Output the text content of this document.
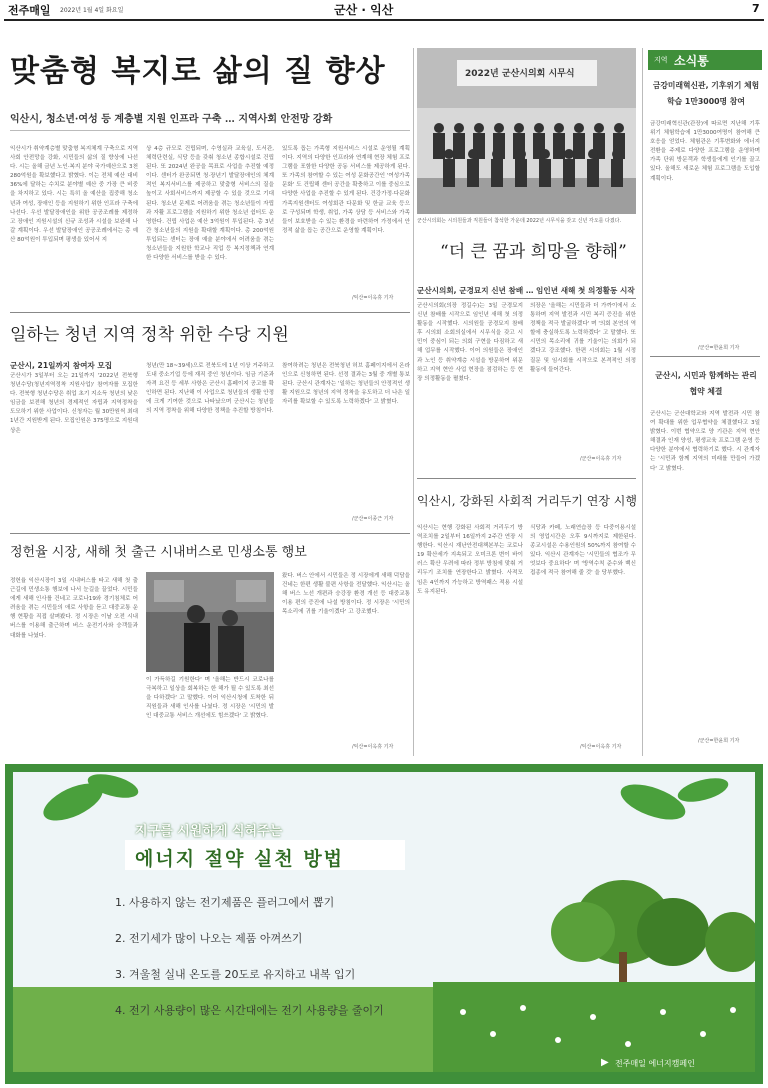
전주매일 2022년 1월 4일 화요일	군산 · 익산	7
맞춤형 복지로 삶의 질 향상
익산시, 청소년·여성 등 계층별 지원 인프라 구축 … 지역사회 안전망 강화
익산시가 취약계층별 맞춤형 복지체계 구축으로 지역사회 안전망을 강화, 시민들의 삶의 질 향상에 나선다. 시는 올해 금년 노인·복지 분야 국가예산으로 3천280억원을 확보했다고 밝혔다. 이는 전체 예산 대비 36%에 달하는 수치로 분야별 예산 중 가장 큰 비중을 차지하고 있다. 시는 특히 올 예산을 집중해 청소년과 여성, 장애인 등을 지원하기 위한 인프라 구축에 나선다. 우선 발달장애인을 위한 공공조례를 제정하고 장애인 지원시설의 신규 조성과 시설을 보완해 나갈 계획이다. 우선 발달장애인 공공조례에서는 총 예산 80억원이 투입되며 평생을 있어서 지
상 4층 규모로 건립되며, 수영실과 교육실, 도서관, 체력단련실, 식당 등을 갖춰 청소년 종합시설로 건립된다. 또 2024년 완공을 목표로 사업을 추진할 예정이다. 센터가 완공되면 청·장년기 발달장애인의 체계적인 복지서비스를 제공하고 맞춤형 서비스의 질을 높이고 사회서비스까지 제공할 수 있을 것으로 기대된다. 청소년 문제로 어려움을 겪는 청소년들이 자립과 자활 프로그램을 지원하기 위한 청소년 쉼터도 운영한다. 건립 사업은 예산 3억원이 투입된다. 총 3년간 청소년들의 지원을 확대할 계획이다. 총 200억원 투입되는 센터는 장애 예술 분야에서 어려움을 겪는 청소년들을 지원한 학교나 직업 등 복지정책과 연계한 다양한 서비스를 받을 수 있다.
있도록 돕는 가족형 지원서비스 시설로 운영될 계획이다. 지역의 다양한 인프라와 연계해 현장 체험 프로그램을 포함한 다양한 공동 서비스를 제공하게 된다. 또 가족의 참여할 수 있는 여성 문화공간인 '여성가족문화' 도 건립해 센터 공간을 확충하고 이를 중심으로 다양한 사업을 추진할 수 있게 된다. 건강가정·다문화가족지원센터도 여성회관 다문화 및 한글 교육 등으로 구성되며 학생, 취업, 가족 상담 등 서비스와 가족들이 보호받을 수 있는 환경을 마련하여 가정에서 안정적 삶을 돕는 공간으로 운영할 계획이다.
/익산=이옥휴 기자
2022년 군산시의회 시무식
군산시의회는 시의원들과 직원들이 참석한 가운데 2022년 시무식을 갖고 신년 각오를 다졌다.
“더 큰 꿈과 희망을 향해”
군산시의회, 군경묘지 신년 참배 … 임인년 새해 첫 의정활동 시작
군산시의회(의장 정길수)는 3일 군경묘지 신년 참배를 시작으로 임인년 새해 첫 의정활동을 시작했다. 시의원들 공경묘지 참배 후 시의회 소회의실에서 시무식을 갖고 시민이 중심이 되는 의회 구현을 다짐하고 새해 업무를 시작했다. 이어 의원들은 장애인과 노인 등 취약계층 시설을 방문하여 위문하고 지역 현안 사업 현장을 점검하는 등 현장 의정활동을 펼쳤다.
의장은 '올해는 시민들과 더 가까이에서 소통하며 지역 발전과 시민 복리 증진을 위한 정책을 적극 발굴하겠다' 며 '의회 본연의 역할에 충실하도록 노력하겠다' 고 말했다. 또 시민의 목소리에 귀를 기울이는 의회가 되겠다고 강조했다. 한편 시의회는 1월 시정질문 및 임시회를 시작으로 본격적인 의정활동에 들어간다.
/군산=이옥휴 기자
일하는 청년 지역 정착 위한 수당 지원
군산시, 21일까지 참여자 모집
군산시가 3일부터 오는 21일까지 '2022년 전북형 청년수당(청년지역정착 지원사업)' 참여자를 모집한다. 전북형 청년수당은 취업 초기 지소득 청년의 낮은 임금을 보전해 청년의 경제적인 자립과 지역정착을 도모하기 위한 사업이다. 신청자는 월 30만원씩 최대 1년간 지원받게 된다. 모집인원은 375명으로 지원대상은
청년(만 18~39세)으로 전북도에 1년 이상 거주하고 도내 중소기업 등에 재직 중인 청년이다. 임금 기준과 자격 요건 등 세부 사항은 군산시 홈페이지 공고를 확인하면 된다. 지난해 이 사업으로 청년들의 생활 안정에 크게 기여한 것으로 나타났으며 군산시는 청년들의 지역 정착을 위해 다양한 정책을 추진할 방침이다.
참여하려는 청년은 전북청년 허브 홈페이지에서 온라인으로 신청하면 된다. 선정 결과는 3월 중 개별 통보된다. 군산시 관계자는 '일하는 청년들의 안정적인 생활 지원으로 청년의 지역 정착을 유도하고 더 나은 일자리를 확보할 수 있도록 노력하겠다' 고 밝혔다.
/군산=이종근 기자
정헌율 시장, 새해 첫 출근 시내버스로 민생소통 행보
정헌율 익산시장이 3일 시내버스를 타고 새해 첫 출근길에 민생소통 행보에 나서 눈길을 끌었다. 시민들에게 새해 인사를 건네고 코로나19와 경기침체로 어려움을 겪는 시민들의 애로 사항을 듣고 대중교통 운행 현황을 직접 살펴봤다. 정 시장은 이날 오전 시내버스를 이용해 출근하며 버스 운전기사와 승객들과 대화를 나눴다.
이 가득하길 기원한다' 며 '올해는 반드시 코로나를 극복하고 일상을 회복하는 한 해가 될 수 있도록 최선을 다하겠다' 고 말했다. 이어 익산시청에 도착한 뒤 직원들과 새해 인사를 나눴다. 정 시장은 '시민의 발인 대중교통 서비스 개선에도 힘쓰겠다' 고 밝혔다.
왔다. 버스 안에서 시민들은 정 시장에게 새해 덕담을 건네는 한편 생활 불편 사항을 전달했다. 익산시는 올해 버스 노선 개편과 승강장 환경 개선 등 대중교통 이용 편의 증진에 나설 방침이다. 정 시장은 '시민의 목소리에 귀를 기울이겠다' 고 강조했다.
/익산=이옥휴 기자
익산시, 강화된 사회적 거리두기 연장 시행
익산시는 현행 강화된 사회적 거리두기 방역조치를 2일부터 16일까지 2주간 연장 시행한다. 익산시 재난안전대책본부는 코로나19 확산세가 지속되고 오미크론 변이 바이러스 확산 우려에 따라 정부 방침에 맞춰 거리두기 조치를 연장한다고 밝혔다. 사적모임은 4인까지 가능하고 방역패스 적용 시설도 유지된다.
식당과 카페, 노래연습장 등 다중이용시설의 영업시간은 오후 9시까지로 제한된다. 종교시설은 수용인원의 50%까지 참여할 수 있다. 익산시 관계자는 '시민들의 협조가 무엇보다 중요하다' 며 '방역수칙 준수와 백신 접종에 적극 참여해 줄 것' 을 당부했다.
/익산=이옥휴 기자
지역 소식통
금강미래혁신관, 기후위기 체험학습 1만3000명 참여
금강미래혁신관(관장)에 따르면 지난해 기후위기 체험학습에 1만3000여명이 참여해 큰 호응을 얻었다. 체험관은 기후변화와 에너지 전환을 주제로 다양한 프로그램을 운영하며 가족 단위 방문객과 학생들에게 인기를 끌고 있다. 올해도 새로운 체험 프로그램을 도입할 계획이다.
/군산=한윤희 기자
군산시, 시민과 함께하는 관리 협약 체결
군산시는 군산대학교와 지역 발전과 시민 참여 확대를 위한 업무협약을 체결했다고 3일 밝혔다. 이번 협약으로 양 기관은 지역 현안 해결과 인재 양성, 평생교육 프로그램 운영 등 다양한 분야에서 협력하기로 했다. 시 관계자는 '시민과 함께 지역의 미래를 만들어 가겠다' 고 밝혔다.
/군산=한윤희 기자
지구를 시원하게 식혀주는
에너지 절약 실천 방법
1. 사용하지 않는 전기제품은 플러그에서 뽑기
2. 전기세가 많이 나오는 제품 아껴쓰기
3. 겨울철 실내 온도를 20도로 유지하고 내복 입기
4. 전기 사용량이 많은 시간대에는 전기 사용량을 줄이기
▶ 전주매일 에너지캠페인
